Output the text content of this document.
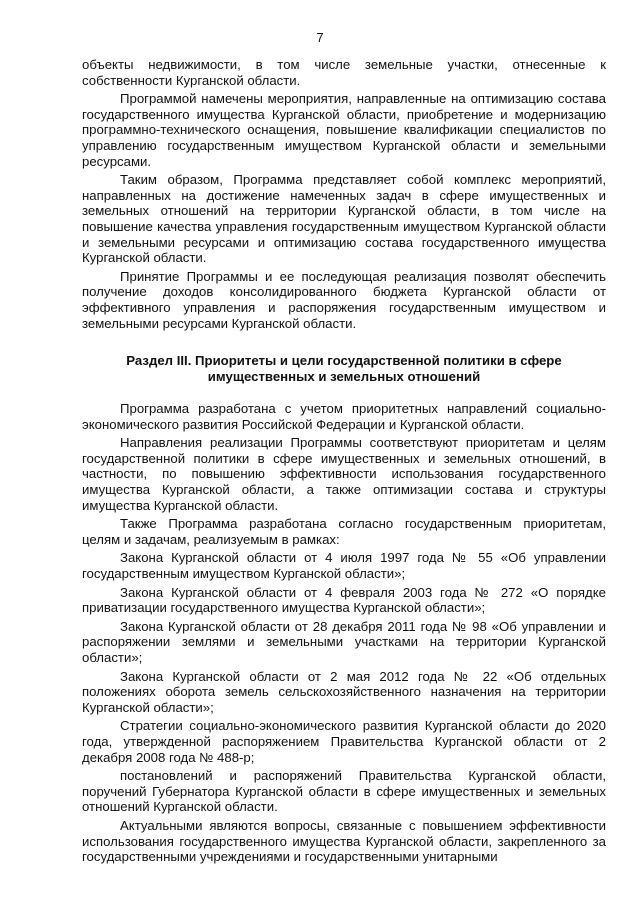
7

объекты недвижимости, в том числе земельные участки, отнесенные к собственности Курганской области.

Программой намечены мероприятия, направленные на оптимизацию состава государственного имущества Курганской области, приобретение и модернизацию программно-технического оснащения, повышение квалификации специалистов по управлению государственным имуществом Курганской области и земельными ресурсами.

Таким образом, Программа представляет собой комплекс мероприятий, направленных на достижение намеченных задач в сфере имущественных и земельных отношений на территории Курганской области, в том числе на повышение качества управления государственным имуществом Курганской области и земельными ресурсами и оптимизацию состава государственного имущества Курганской области.

Принятие Программы и ее последующая реализация позволят обеспечить получение доходов консолидированного бюджета Курганской области от эффективного управления и распоряжения государственным имуществом и земельными ресурсами Курганской области.

Раздел III. Приоритеты и цели государственной политики в сфере
имущественных и земельных отношений

Программа разработана с учетом приоритетных направлений социально-экономического развития Российской Федерации и Курганской области.

Направления реализации Программы соответствуют приоритетам и целям государственной политики в сфере имущественных и земельных отношений, в частности, по повышению эффективности использования государственного имущества Курганской области, а также оптимизации состава и структуры имущества Курганской области.

Также Программа разработана согласно государственным приоритетам, целям и задачам, реализуемым в рамках:

Закона Курганской области от 4 июля 1997 года № 55 «Об управлении государственным имуществом Курганской области»;

Закона Курганской области от 4 февраля 2003 года № 272 «О порядке приватизации государственного имущества Курганской области»;

Закона Курганской области от 28 декабря 2011 года № 98 «Об управлении и распоряжении землями и земельными участками на территории Курганской области»;

Закона Курганской области от 2 мая 2012 года № 22 «Об отдельных положениях оборота земель сельскохозяйственного назначения на территории Курганской области»;

Стратегии социально-экономического развития Курганской области до 2020 года, утвержденной распоряжением Правительства Курганской области от 2 декабря 2008 года № 488-р;

постановлений и распоряжений Правительства Курганской области, поручений Губернатора Курганской области в сфере имущественных и земельных отношений Курганской области.

Актуальными являются вопросы, связанные с повышением эффективности использования государственного имущества Курганской области, закрепленного за государственными учреждениями и государственными унитарными
